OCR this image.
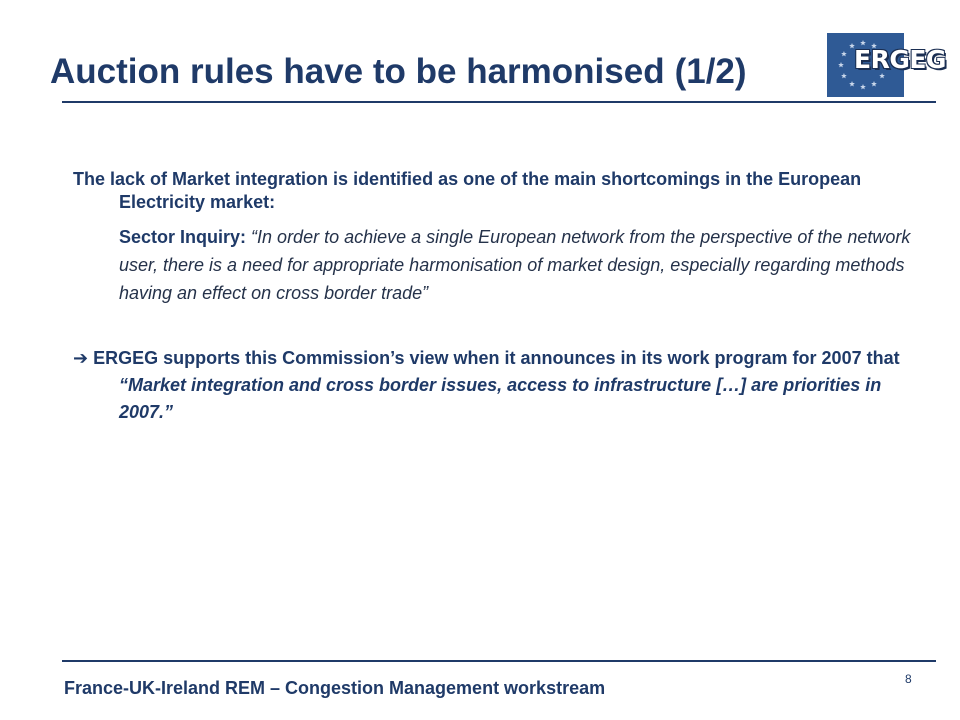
Auction rules have to be harmonised (1/2)	ERGEG
The lack of Market integration is identified as one of the main shortcomings in the European Electricity market:
Sector Inquiry: “In order to achieve a single European network from the perspective of the network user, there is a need for appropriate harmonisation of market design, especially regarding methods having an effect on cross border trade”
➔ ERGEG supports this Commission’s view when it announces in its work program for 2007 that “Market integration and cross border issues, access to infrastructure […] are priorities in 2007.”
France-UK-Ireland REM – Congestion Management workstream	8
